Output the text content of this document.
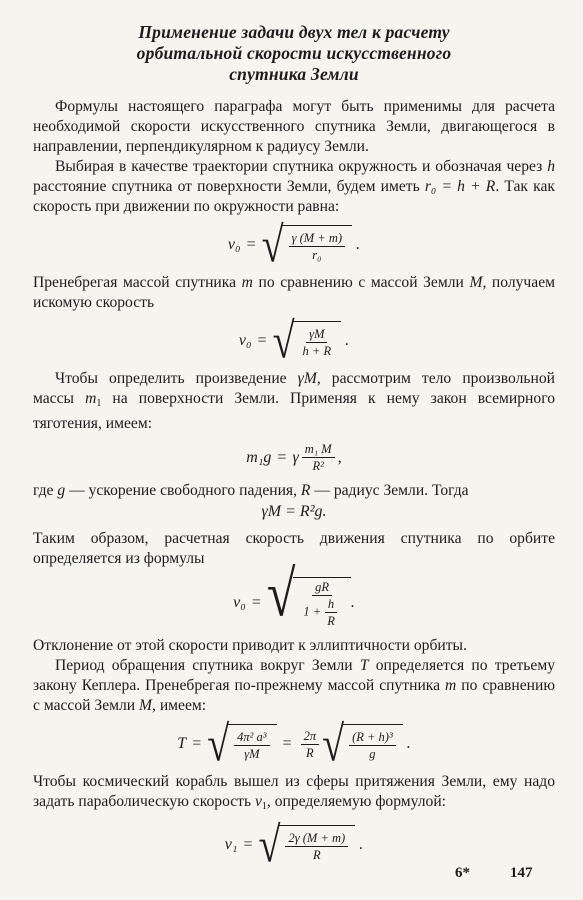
Применение задачи двух тел к расчету
орбитальной скорости искусственного
спутника Земли

Формулы настоящего параграфа могут быть применимы для расчета необходимой скорости искусственного спутника Земли, двигающегося в направлении, перпендикулярном к радиусу Земли.

Выбирая в качестве траектории спутника окружность и обозначая через h расстояние спутника от поверхности Земли, будем иметь r₀ = h + R. Так как скорость при движении по окружности равна:

v₀ = √ $\frac{\gamma (M + m)}{\text{r₀}}$ .

Пренебрегая массой спутника m по сравнению с массой Земли M, получаем искомую скорость

v₀ = √ $\frac{\gamma M}{h + R}$ .

Чтобы определить произведение γM, рассмотрим тело произвольной массы $m_1$ на поверхности Земли. Применяя к нему закон всемирного тяготения, имеем:

m₁g = γ $\frac{\text{m₁ M}}{\text{R²}}$ ,

где g — ускорение свободного падения, R — радиус Земли. Тогда

γM = R²g.

Таким образом, расчетная скорость движения спутника по орбите определяется из формулы

v₀ = √ $\frac{gR}{1 + \frac{h}{R}}$ .

Отклонение от этой скорости приводит к эллиптичности орбиты.

Период обращения спутника вокруг Земли T определяется по третьему закону Кеплера. Пренебрегая по-прежнему массой спутника m по сравнению с массой Земли M, имеем:

T = √ $\frac{\text{4π² a³}}{\gamma M} = \frac{2\pi}{R}$ √ $\frac{\text{(R + h)³}}{g}$ .

Чтобы космический корабль вышел из сферы притяжения Земли, ему надо задать параболическую скорость $v_1$, определяемую формулой:

v₁ = √ $\frac{2\gamma (M + m)}{R}$ .
6*	147
